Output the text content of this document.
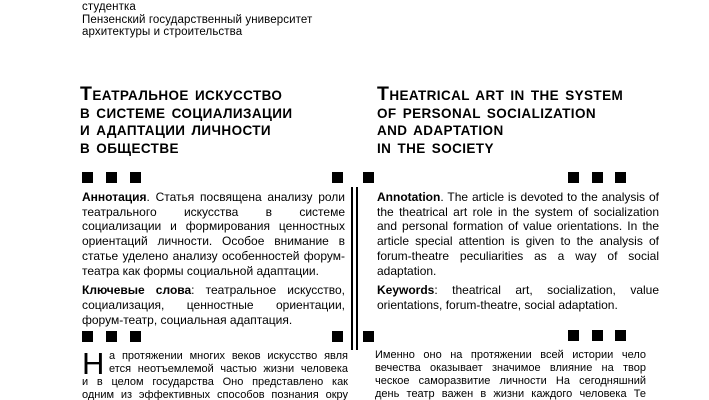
студентка
Пензенский государственный университет
архитектуры и строительства
ТЕАТРАЛЬНОЕ ИСКУССТВО
В СИСТЕМЕ СОЦИАЛИЗАЦИИ
И АДАПТАЦИИ ЛИЧНОСТИ
В ОБЩЕСТВЕ
THEATRICAL ART IN THE SYSTEM
OF PERSONAL SOCIALIZATION
AND ADAPTATION
IN THE SOCIETY

Аннотация. Статья посвящена анализу роли театрального искусства в системе социализации и формирования ценностных ориентаций личности. Особое внимание в статье уделено анализу особенностей форум-театра как формы социальной адаптации.

Ключевые слова: театральное искусство, социализация, ценностные ориентации, форум-театр, социальная адаптация.

Annotation. The article is devoted to the analysis of the theatrical art role in the system of socialization and personal formation of value orientations. In the article special attention is given to the analysis of forum-theatre peculiarities as a way of social adaptation.

Keywords: theatrical art, socialization, value orientations, forum-theatre, social adaptation.

Н а протяжении многих веков искусство явля
ется неотъемлемой частью жизни человека
и в целом государства Оно представлено как
одним из эффективных способов познания окру
Именно оно на протяжении всей истории чело
вечества оказывает значимое влияние на твор
ческое саморазвитие личности На сегодняшний
день театр важен в жизни каждого человека Те
